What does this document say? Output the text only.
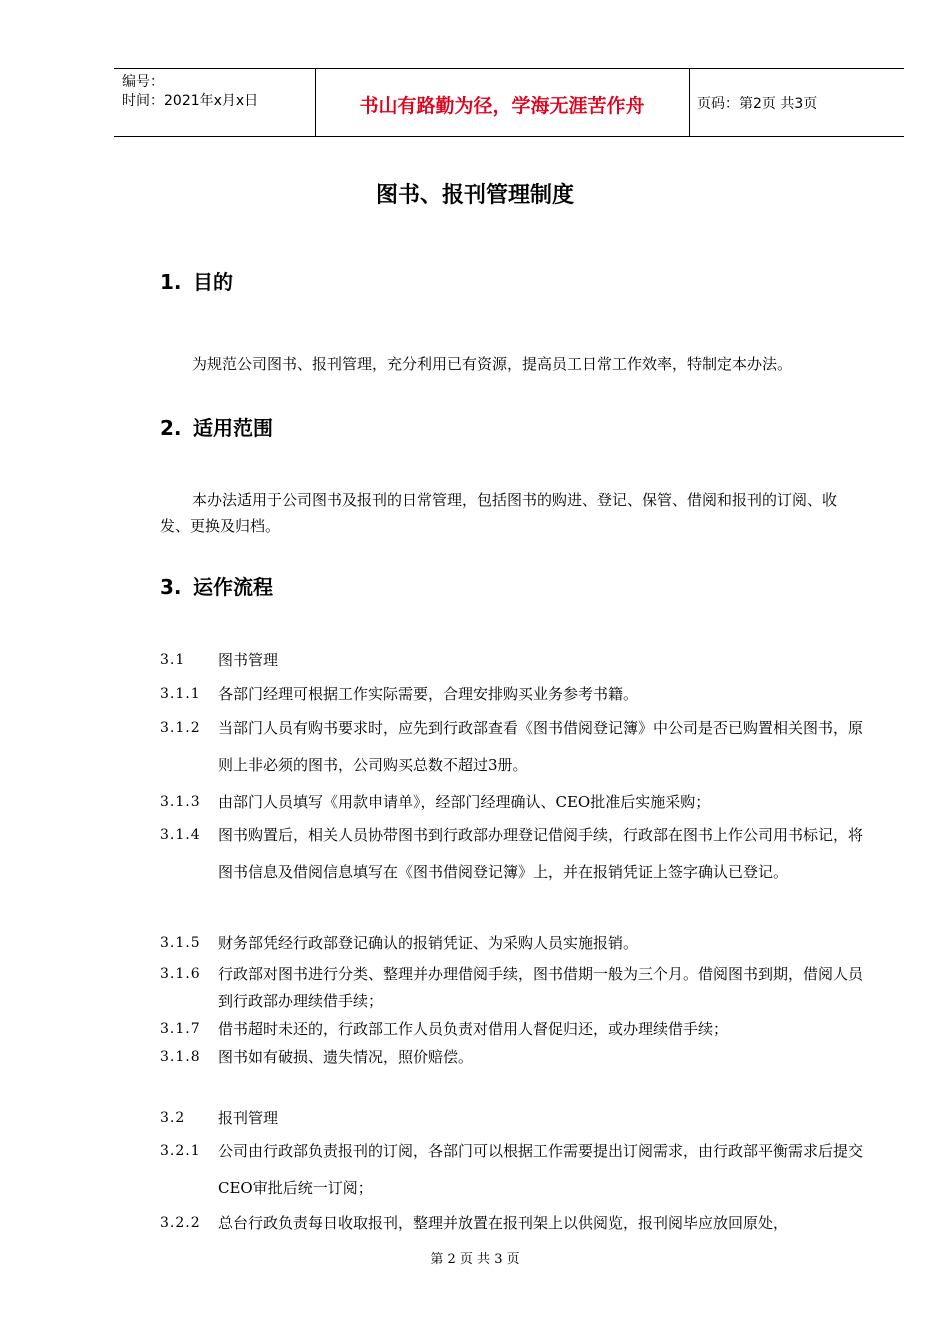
编号：
时间：2021年x月x日	书山有路勤为径，学海无涯苦作舟	页码：第2页 共3页
图书、报刊管理制度
1. 目的
为规范公司图书、报刊管理，充分利用已有资源，提高员工日常工作效率，特制定本办法。
2. 适用范围
本办法适用于公司图书及报刊的日常管理，包括图书的购进、登记、保管、借阅和报刊的订阅、收发、更换及归档。
3. 运作流程
3.1 图书管理
3.1.1 各部门经理可根据工作实际需要，合理安排购买业务参考书籍。
3.1.2 当部门人员有购书要求时，应先到行政部查看《图书借阅登记簿》中公司是否已购置相关图书，原则上非必须的图书，公司购买总数不超过3册。
3.1.3 由部门人员填写《用款申请单》，经部门经理确认、CEO批准后实施采购；
3.1.4 图书购置后，相关人员协带图书到行政部办理登记借阅手续，行政部在图书上作公司用书标记，将图书信息及借阅信息填写在《图书借阅登记簿》上，并在报销凭证上签字确认已登记。
3.1.5 财务部凭经行政部登记确认的报销凭证、为采购人员实施报销。
3.1.6 行政部对图书进行分类、整理并办理借阅手续，图书借期一般为三个月。借阅图书到期，借阅人员到行政部办理续借手续；
3.1.7 借书超时未还的，行政部工作人员负责对借用人督促归还，或办理续借手续；
3.1.8 图书如有破损、遗失情况，照价赔偿。
3.2 报刊管理
3.2.1 公司由行政部负责报刊的订阅，各部门可以根据工作需要提出订阅需求，由行政部平衡需求后提交CEO审批后统一订阅；
3.2.2 总台行政负责每日收取报刊，整理并放置在报刊架上以供阅览，报刊阅毕应放回原处，
第 2 页 共 3 页
